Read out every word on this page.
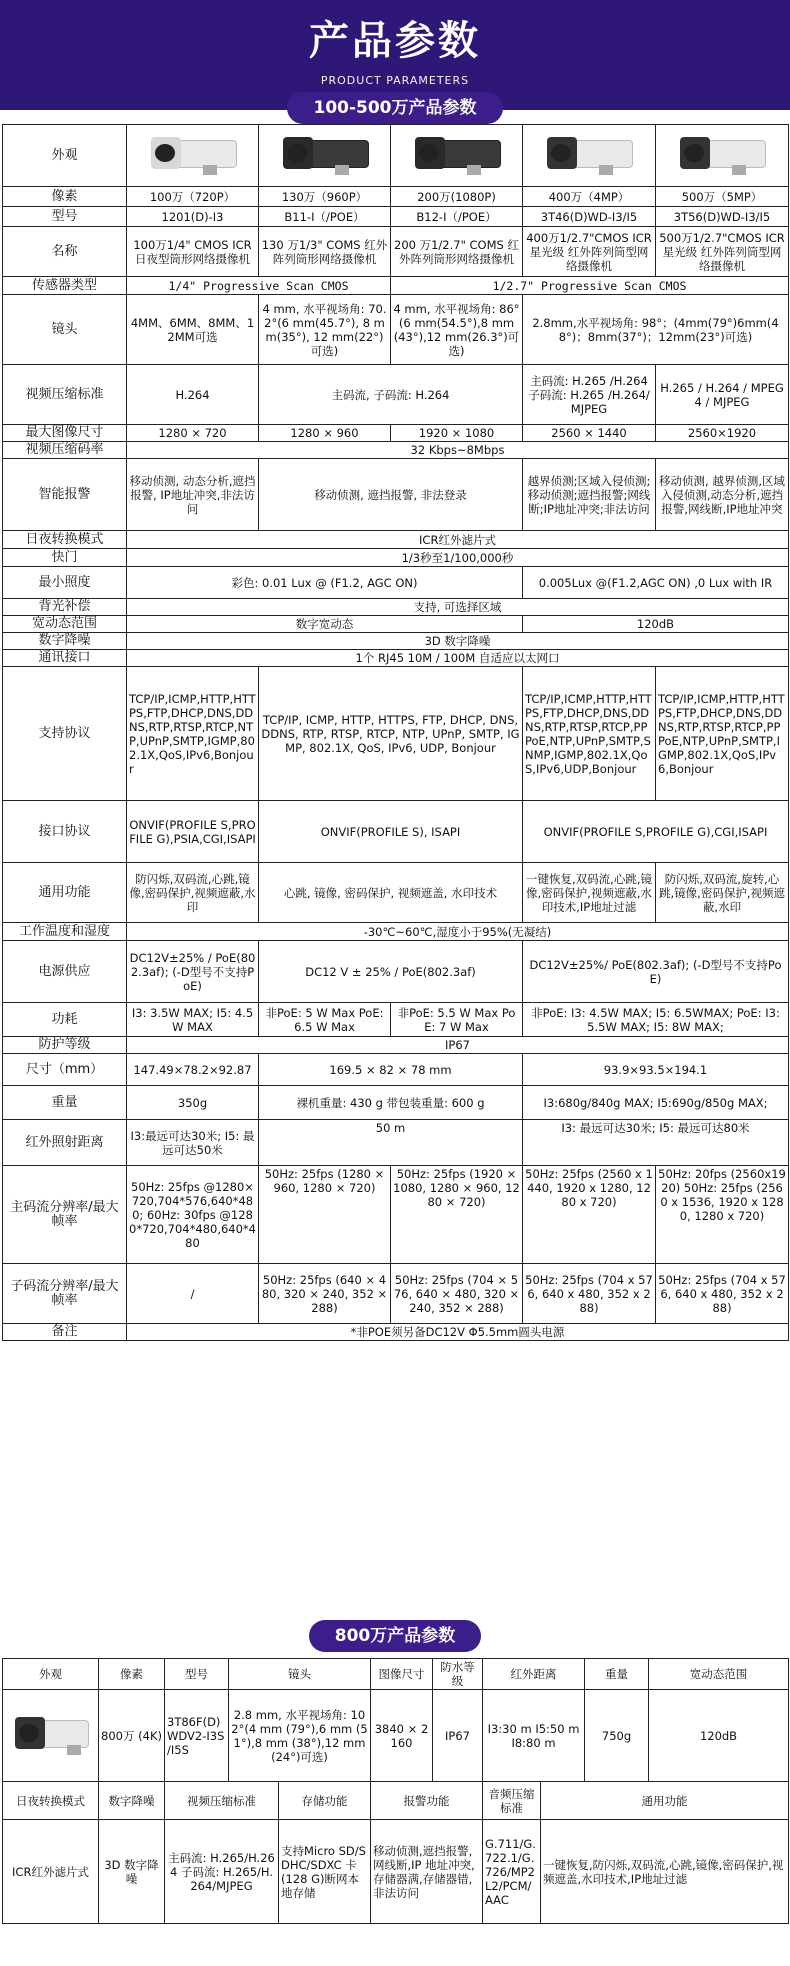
产品参数
PRODUCT PARAMETERS
100-500万产品参数
外观	

像素	100万（720P）	130万（960P）	200万(1080P)	400万（4MP）	500万（5MP）
型号	1201(D)-I3	B11-I（/POE）	B12-I（/POE）	3T46(D)WD-I3/I5	3T56(D)WD-I3/I5
名称	100万1/4" CMOS ICR日夜型筒形网络摄像机	130 万1/3" COMS 红外阵列筒形网络摄像机	200 万1/2.7" COMS 红外阵列筒形网络摄像机	400万1/2.7"CMOS ICR星光级 红外阵列筒型网络摄像机	500万1/2.7"CMOS ICR星光级 红外阵列筒型网络摄像机
传感器类型	1/4" Progressive Scan CMOS		1/2.7" Progressive Scan CMOS		
镜头	4MM、6MM、8MM、12MM可选	4 mm, 水平视场角: 70.2°(6 mm(45.7°), 8 mm(35°), 12 mm(22°)可选)	4 mm, 水平视场角: 86°(6 mm(54.5°),8 mm(43°),12 mm(26.3°)可选)	2.8mm,水平视场角: 98°；(4mm(79°)6mm(48°)；8mm(37°)；12mm(23°)可选)	
视频压缩标准	H.264	主码流, 子码流: H.264		主码流: H.265 /H.264 子码流: H.265 /H.264/ MJPEG	H.265 / H.264 / MPEG4 / MJPEG
最大图像尺寸	1280 × 720	1280 × 960	1920 × 1080	2560 × 1440	2560×1920
视频压缩码率	32 Kbps~8Mbps				
智能报警	移动侦测, 动态分析,遮挡报警, IP地址冲突,非法访问	移动侦测, 遮挡报警, 非法登录		越界侦测;区域入侵侦测;移动侦测;遮挡报警;网线断;IP地址冲突;非法访问	移动侦测, 越界侦测,区域入侵侦测,动态分析,遮挡报警,网线断,IP地址冲突
日夜转换模式	ICR红外滤片式				
快门	1/3秒至1/100,000秒				
最小照度	彩色: 0.01 Lux @ (F1.2, AGC ON)			0.005Lux @(F1.2,AGC ON) ,0 Lux with IR	
背光补偿	支持, 可选择区域				
宽动态范围	数字宽动态			120dB	
数字降噪	3D 数字降噪				
通讯接口	1个 RJ45 10M / 100M 自适应以太网口				
支持协议	TCP/IP,ICMP,HTTP,HTTPS,FTP,DHCP,DNS,DDNS,RTP,RTSP,RTCP,NTP,UPnP,SMTP,IGMP,802.1X,QoS,IPv6,Bonjour	TCP/IP, ICMP, HTTP, HTTPS, FTP, DHCP, DNS, DDNS, RTP, RTSP, RTCP, NTP, UPnP, SMTP, IGMP, 802.1X, QoS, IPv6, UDP, Bonjour		TCP/IP,ICMP,HTTP,HTTPS,FTP,DHCP,DNS,DDNS,RTP,RTSP,RTCP,PPPoE,NTP,UPnP,SMTP,SNMP,IGMP,802.1X,QoS,IPv6,UDP,Bonjour	TCP/IP,ICMP,HTTP,HTTPS,FTP,DHCP,DNS,DDNS,RTP,RTSP,RTCP,PPPoE,NTP,UPnP,SMTP,IGMP,802.1X,QoS,IPv6,Bonjour
接口协议	ONVIF(PROFILE S,PROFILE G),PSIA,CGI,ISAPI	ONVIF(PROFILE S), ISAPI		ONVIF(PROFILE S,PROFILE G),CGI,ISAPI	
通用功能	防闪烁,双码流,心跳,镜像,密码保护,视频遮蔽,水印	心跳, 镜像, 密码保护, 视频遮盖, 水印技术		一键恢复,双码流,心跳,镜像,密码保护,视频遮蔽,水印技术,IP地址过滤	防闪烁,双码流,旋转,心跳,镜像,密码保护,视频遮蔽,水印
工作温度和湿度	-30℃~60℃,湿度小于95%(无凝结)				
电源供应	DC12V±25% / PoE(802.3af); (-D型号不支持PoE)	DC12 V ± 25% / PoE(802.3af)		DC12V±25%/ PoE(802.3af); (-D型号不支持PoE)	
功耗	I3: 3.5W MAX; I5: 4.5W MAX	非PoE: 5 W Max PoE: 6.5 W Max	非PoE: 5.5 W Max PoE: 7 W Max	非PoE: I3: 4.5W MAX; I5: 6.5WMAX; PoE: I3: 5.5W MAX; I5: 8W MAX;	
防护等级	IP67				
尺寸（mm）	147.49×78.2×92.87	169.5 × 82 × 78 mm		93.9×93.5×194.1	
重量	350g	裸机重量: 430 g 带包装重量: 600 g		I3:680g/840g MAX; I5:690g/850g MAX;	
红外照射距离	I3:最远可达30米; I5: 最远可达50米	50 m		I3: 最远可达30米; I5: 最远可达80米	
主码流分辨率/最大帧率	50Hz: 25fps @1280×720,704*576,640*480; 60Hz: 30fps @1280*720,704*480,640*480	50Hz: 25fps (1280 × 960, 1280 × 720)	50Hz: 25fps (1920 × 1080, 1280 × 960, 1280 × 720)	50Hz: 25fps (2560 x 1440, 1920 x 1280, 1280 x 720)	50Hz: 20fps (2560x1920) 50Hz: 25fps (2560 x 1536, 1920 x 1280, 1280 x 720)
子码流分辨率/最大帧率	/	50Hz: 25fps (640 × 480, 320 × 240, 352 × 288)	50Hz: 25fps (704 × 576, 640 × 480, 320 × 240, 352 × 288)	50Hz: 25fps (704 x 576, 640 x 480, 352 x 288)	50Hz: 25fps (704 x 576, 640 x 480, 352 x 288)
备注	*非POE须另备DC12V Φ5.5mm圆头电源				
800万产品参数
外观	像素	型号	镜头		图像尺寸	防水等级	红外距离		重量	宽动态范围

	800万 (4K)	3T86F(D)WDV2-I3S /I5S	2.8 mm, 水平视场角: 102°(4 mm (79°),6 mm (51°),8 mm (38°),12 mm (24°)可选)		3840 × 2160	IP67	I3:30 m I5:50 m I8:80 m		750g	120dB
日夜转换模式	数字降噪	视频压缩标准		存储功能	报警功能		音频压缩标准	通用功能		
ICR红外滤片式	3D 数字降噪	主码流: H.265/H.264 子码流: H.265/H.264/MJPEG		支持Micro SD/SDHC/SDXC 卡(128 G)断网本地存储	移动侦测,遮挡报警,网线断,IP 地址冲突,存储器满,存储器错,非法访问		G.711/G.722.1/G.726/MP2L2/PCM/AAC	一键恢复,防闪烁,双码流,心跳,镜像,密码保护,视频遮盖,水印技术,IP地址过滤		
